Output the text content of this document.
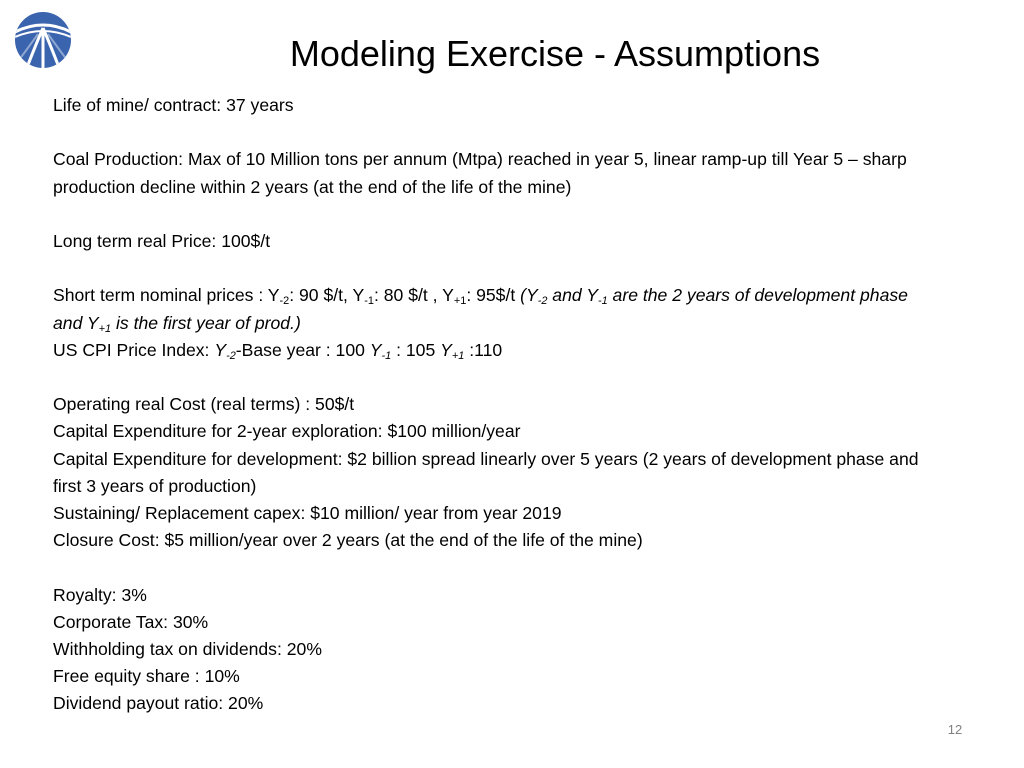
Modeling Exercise - Assumptions
Life of mine/ contract: 37 years
Coal Production: Max of 10 Million tons per annum (Mtpa) reached in year 5, linear ramp-up till Year 5 – sharp production decline within 2 years (at the end of the life of the mine)
Long term real Price: 100$/t
Short term nominal prices : $Y_{-2}$: 90 $/t, $Y_{-1}$: 80 $/t , $Y_{+1}$: 95$/t ($Y_{-2}$ and $Y_{-1}$ are the 2 years of development phase and $Y_{+1}$ is the first year of prod.)
US CPI Price Index: $Y_{-2}$-Base year : 100 $Y_{-1}$ : 105 $Y_{+1}$ :110
Operating real Cost (real terms) : 50$/t
Capital Expenditure for 2-year exploration: $100 million/year
Capital Expenditure for development: $2 billion spread linearly over 5 years (2 years of development phase and first 3 years of production)
Sustaining/ Replacement capex: $10 million/ year from year 2019
Closure Cost: $5 million/year over 2 years (at the end of the life of the mine)
Royalty: 3%
Corporate Tax: 30%
Withholding tax on dividends: 20%
Free equity share : 10%
Dividend payout ratio: 20%
12
